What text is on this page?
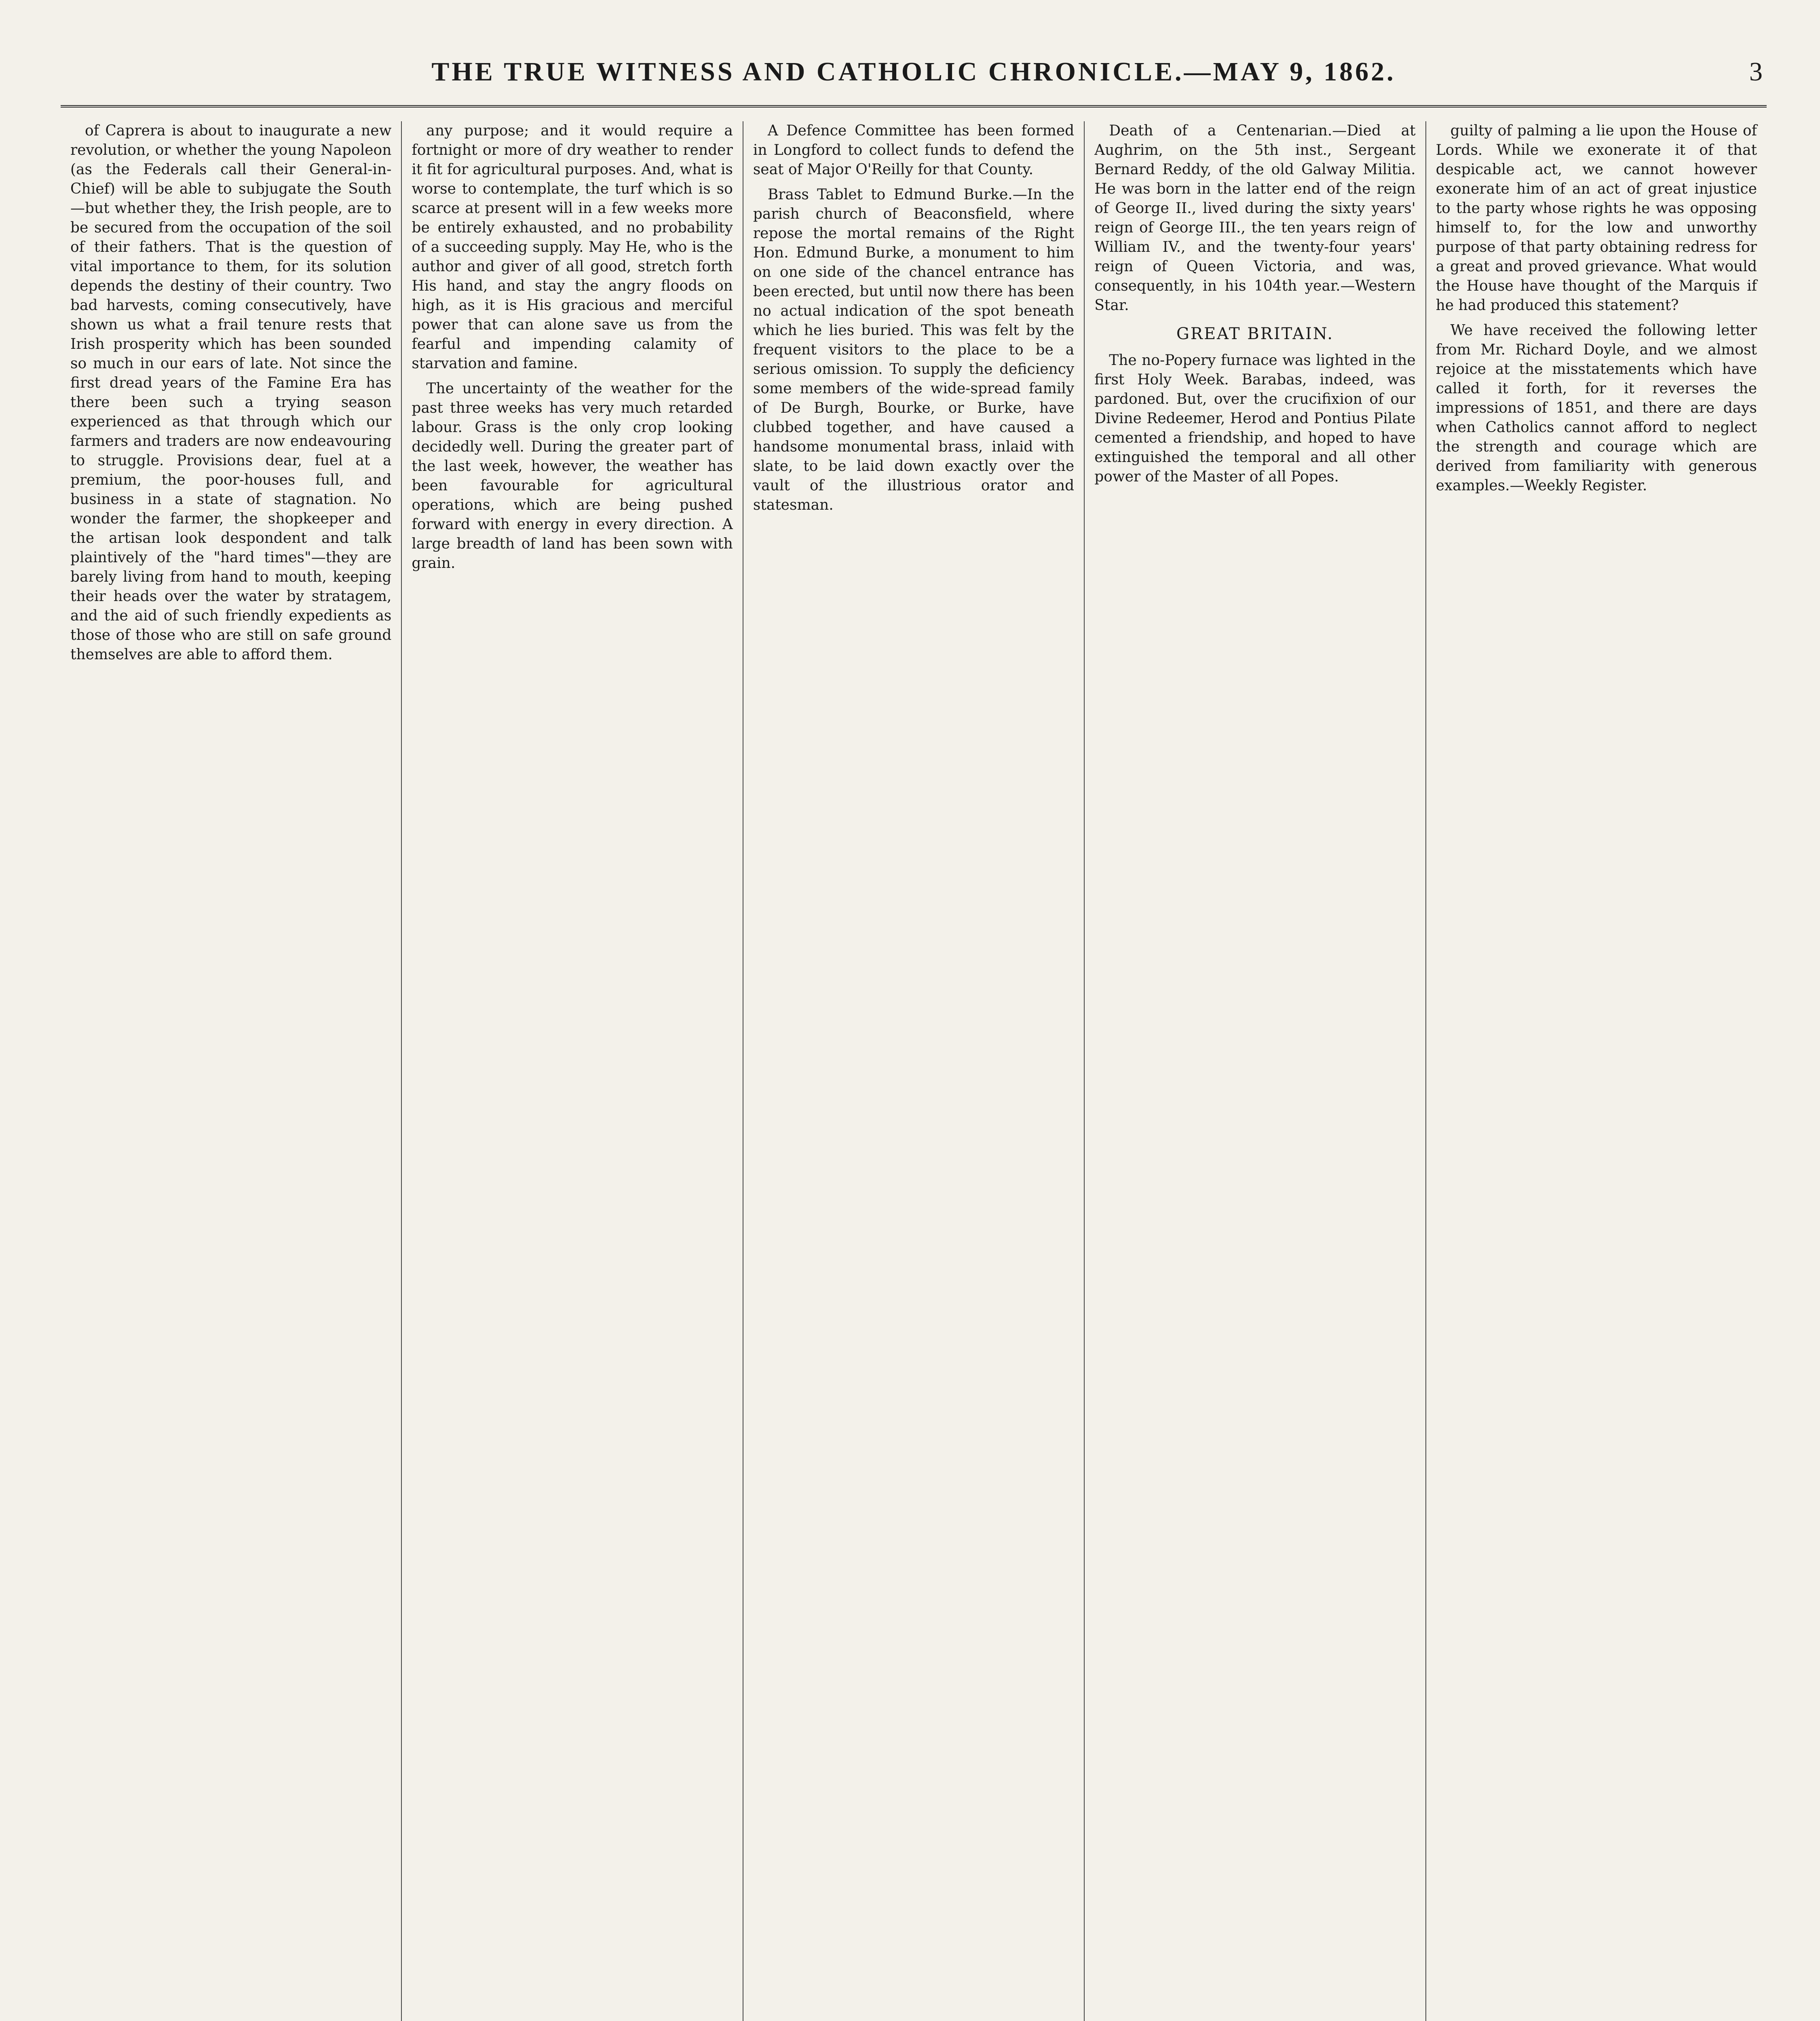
THE TRUE WITNESS AND CATHOLIC CHRONICLE.—MAY 9, 1862.	3

of Caprera is about to inaugurate a new revolution, or whether the young Napoleon (as the Federals call their General-in-Chief) will be able to subjugate the South—but whether they, the Irish people, are to be secured from the occupation of the soil of their fathers. That is the question of vital importance to them, for its solution depends the destiny of their country. Two bad harvests, coming consecutively, have shown us what a frail tenure rests that Irish prosperity which has been sounded so much in our ears of late. Not since the first dread years of the Famine Era has there been such a trying season experienced as that through which our farmers and traders are now endeavouring to struggle. Provisions dear, fuel at a premium, the poor-houses full, and business in a state of stagnation. No wonder the farmer, the shopkeeper and the artisan look despondent and talk plaintively of the "hard times"—they are barely living from hand to mouth, keeping their heads over the water by stratagem, and the aid of such friendly expedients as those of those who are still on safe ground themselves are able to afford them.

any purpose; and it would require a fortnight or more of dry weather to render it fit for agricultural purposes. And, what is worse to contemplate, the turf which is so scarce at present will in a few weeks more be entirely exhausted, and no probability of a succeeding supply. May He, who is the author and giver of all good, stretch forth His hand, and stay the angry floods on high, as it is His gracious and merciful power that can alone save us from the fearful and impending calamity of starvation and famine.

The uncertainty of the weather for the past three weeks has very much retarded labour. Grass is the only crop looking decidedly well. During the greater part of the last week, however, the weather has been favourable for agricultural operations, which are being pushed forward with energy in every direction. A large breadth of land has been sown with grain.

A Defence Committee has been formed in Longford to collect funds to defend the seat of Major O'Reilly for that County.

Brass Tablet to Edmund Burke.—In the parish church of Beaconsfield, where repose the mortal remains of the Right Hon. Edmund Burke, a monument to him on one side of the chancel entrance has been erected, but until now there has been no actual indication of the spot beneath which he lies buried. This was felt by the frequent visitors to the place to be a serious omission. To supply the deficiency some members of the wide-spread family of De Burgh, Bourke, or Burke, have clubbed together, and have caused a handsome monumental brass, inlaid with slate, to be laid down exactly over the vault of the illustrious orator and statesman.

Death of a Centenarian.—Died at Aughrim, on the 5th inst., Sergeant Bernard Reddy, of the old Galway Militia. He was born in the latter end of the reign of George II., lived during the sixty years' reign of George III., the ten years reign of William IV., and the twenty-four years' reign of Queen Victoria, and was, consequently, in his 104th year.—Western Star.

GREAT BRITAIN.

The no-Popery furnace was lighted in the first Holy Week. Barabas, indeed, was pardoned. But, over the crucifixion of our Divine Redeemer, Herod and Pontius Pilate cemented a friendship, and hoped to have extinguished the temporal and all other power of the Master of all Popes.

guilty of palming a lie upon the House of Lords. While we exonerate it of that despicable act, we cannot however exonerate him of an act of great injustice to the party whose rights he was opposing himself to, for the low and unworthy purpose of that party obtaining redress for a great and proved grievance. What would the House have thought of the Marquis if he had produced this statement?

We have received the following letter from Mr. Richard Doyle, and we almost rejoice at the misstatements which have called it forth, for it reverses the impressions of 1851, and there are days when Catholics cannot afford to neglect the strength and courage which are derived from familiarity with generous examples.—Weekly Register.
